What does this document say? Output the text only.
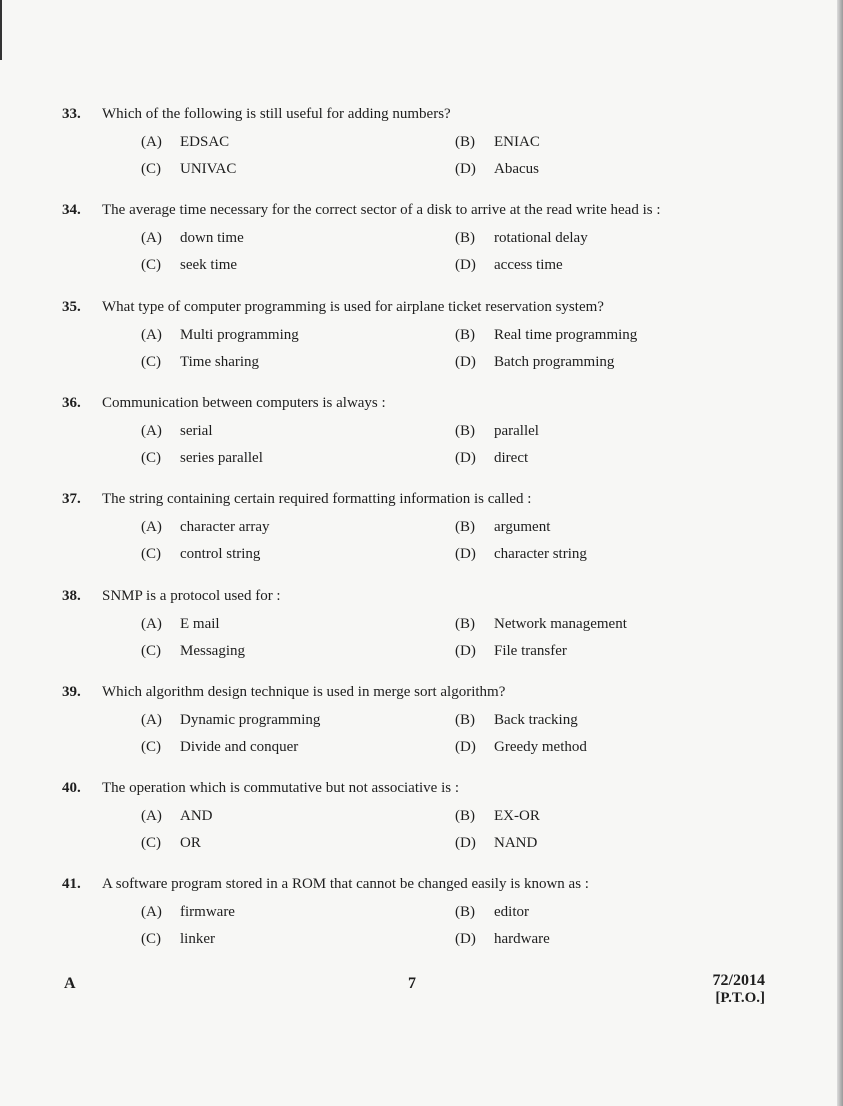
33. Which of the following is still useful for adding numbers?
(A) EDSAC	(B) ENIAC
(C) UNIVAC	(D) Abacus
34. The average time necessary for the correct sector of a disk to arrive at the read write head is :
(A) down time	(B) rotational delay
(C) seek time	(D) access time
35. What type of computer programming is used for airplane ticket reservation system?
(A) Multi programming	(B) Real time programming
(C) Time sharing	(D) Batch programming
36. Communication between computers is always :
(A) serial	(B) parallel
(C) series parallel	(D) direct
37. The string containing certain required formatting information is called :
(A) character array	(B) argument
(C) control string	(D) character string
38. SNMP is a protocol used for :
(A) E mail	(B) Network management
(C) Messaging	(D) File transfer
39. Which algorithm design technique is used in merge sort algorithm?
(A) Dynamic programming	(B) Back tracking
(C) Divide and conquer	(D) Greedy method
40. The operation which is commutative but not associative is :
(A) AND	(B) EX-OR
(C) OR	(D) NAND
41. A software program stored in a ROM that cannot be changed easily is known as :
(A) firmware	(B) editor
(C) linker	(D) hardware
A	7	72/2014
[P.T.O.]
